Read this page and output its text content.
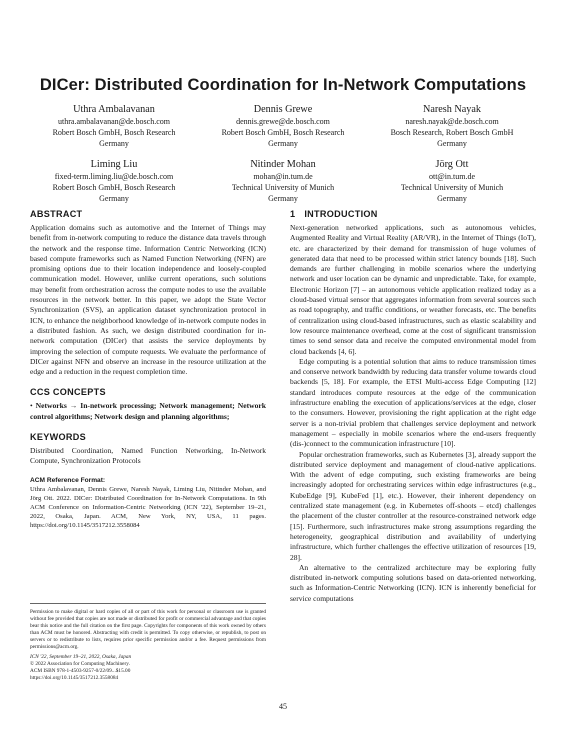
DICer: Distributed Coordination for In-Network Computations
Uthra Ambalavanan
uthra.ambalavanan@de.bosch.com
Robert Bosch GmbH, Bosch Research
Germany
Dennis Grewe
dennis.grewe@de.bosch.com
Robert Bosch GmbH, Bosch Research
Germany
Naresh Nayak
naresh.nayak@de.bosch.com
Bosch Research, Robert Bosch GmbH
Germany
Liming Liu
fixed-term.liming.liu@de.bosch.com
Robert Bosch GmbH, Bosch Research
Germany
Nitinder Mohan
mohan@in.tum.de
Technical University of Munich
Germany
Jörg Ott
ott@in.tum.de
Technical University of Munich
Germany
ABSTRACT

Application domains such as automotive and the Internet of Things may benefit from in-network computing to reduce the distance data travels through the network and the response time. Information Centric Networking (ICN) based compute frameworks such as Named Function Networking (NFN) are promising options due to their location independence and loosely-coupled communication model. However, unlike current operations, such solutions may benefit from orchestration across the compute nodes to use the available resources in the network better. In this paper, we adopt the State Vector Synchronization (SVS), an application dataset synchronization protocol in ICN, to enhance the neighborhood knowledge of in-network compute nodes in a distributed fashion. As such, we design distributed coordination for in-network computation (DICer) that assists the service deployments by improving the selection of compute requests. We evaluate the performance of DICer against NFN and observe an increase in the resource utilization at the edge and a reduction in the request completion time.

CCS CONCEPTS

• Networks → In-network processing; Network management; Network control algorithms; Network design and planning algorithms;

KEYWORDS

Distributed Coordination, Named Function Networking, In-Network Compute, Synchronization Protocols

ACM Reference Format:
Uthra Ambalavanan, Dennis Grewe, Naresh Nayak, Liming Liu, Nitinder Mohan, and Jörg Ott. 2022. DICer: Distributed Coordination for In-Network Computations. In 9th ACM Conference on Information-Centric Networking (ICN '22), September 19–21, 2022, Osaka, Japan. ACM, New York, NY, USA, 11 pages. https://doi.org/10.1145/3517212.3558084
Permission to make digital or hard copies of all or part of this work for personal or classroom use is granted without fee provided that copies are not made or distributed for profit or commercial advantage and that copies bear this notice and the full citation on the first page. Copyrights for components of this work owned by others than ACM must be honored. Abstracting with credit is permitted. To copy otherwise, or republish, to post on servers or to redistribute to lists, requires prior specific permission and/or a fee. Request permissions from permissions@acm.org.
ICN '22, September 19–21, 2022, Osaka, Japan
© 2022 Association for Computing Machinery.
ACM ISBN 978-1-4503-9257-0/22/09...$15.00
https://doi.org/10.1145/3517212.3558084
1 INTRODUCTION

Next-generation networked applications, such as autonomous vehicles, Augmented Reality and Virtual Reality (AR/VR), in the Internet of Things (IoT), etc. are characterized by their demand for transmission of huge volumes of generated data that need to be processed within strict latency bounds [18]. Such demands are further challenging in mobile scenarios where the underlying network and user location can be dynamic and unpredictable. Take, for example, Electronic Horizon [7] – an autonomous vehicle application realized today as a cloud-based virtual sensor that aggregates information from several sources such as road topography, and traffic conditions, or weather forecasts, etc. The benefits of centralization using cloud-based infrastructures, such as elastic scalability and low resource maintenance overhead, come at the cost of significant transmission times to send sensor data and receive the computed environmental model from cloud backends [4, 6].

Edge computing is a potential solution that aims to reduce transmission times and conserve network bandwidth by reducing data transfer volume towards cloud backends [5, 18]. For example, the ETSI Multi-access Edge Computing [12] standard introduces compute resources at the edge of the communication infrastructure enabling the execution of applications/services at the edge, closer to the consumers. However, provisioning the right application at the right edge server is a non-trivial problem that challenges service deployment and network management – especially in mobile scenarios where the end-users frequently (dis-)connect to the communication infrastructure [10].

Popular orchestration frameworks, such as Kubernetes [3], already support the distributed service deployment and management of cloud-native applications. With the advent of edge computing, such existing frameworks are being increasingly adopted for orchestrating services within edge infrastructures (e.g., KubeEdge [9], KubeFed [1], etc.). However, their inherent dependency on centralized state management (e.g. in Kubernetes off-shoots – etcd) challenges the placement of the cluster controller at the resource-constrained network edge [15]. Furthermore, such infrastructures make strong assumptions regarding the heterogeneity, geographical distribution and availability of underlying infrastructure, which further challenges the effective utilization of resources [19, 28].

An alternative to the centralized architecture may be exploring fully distributed in-network computing solutions based on data-oriented networking, such as Information-Centric Networking (ICN). ICN is inherently beneficial for service computations

45
